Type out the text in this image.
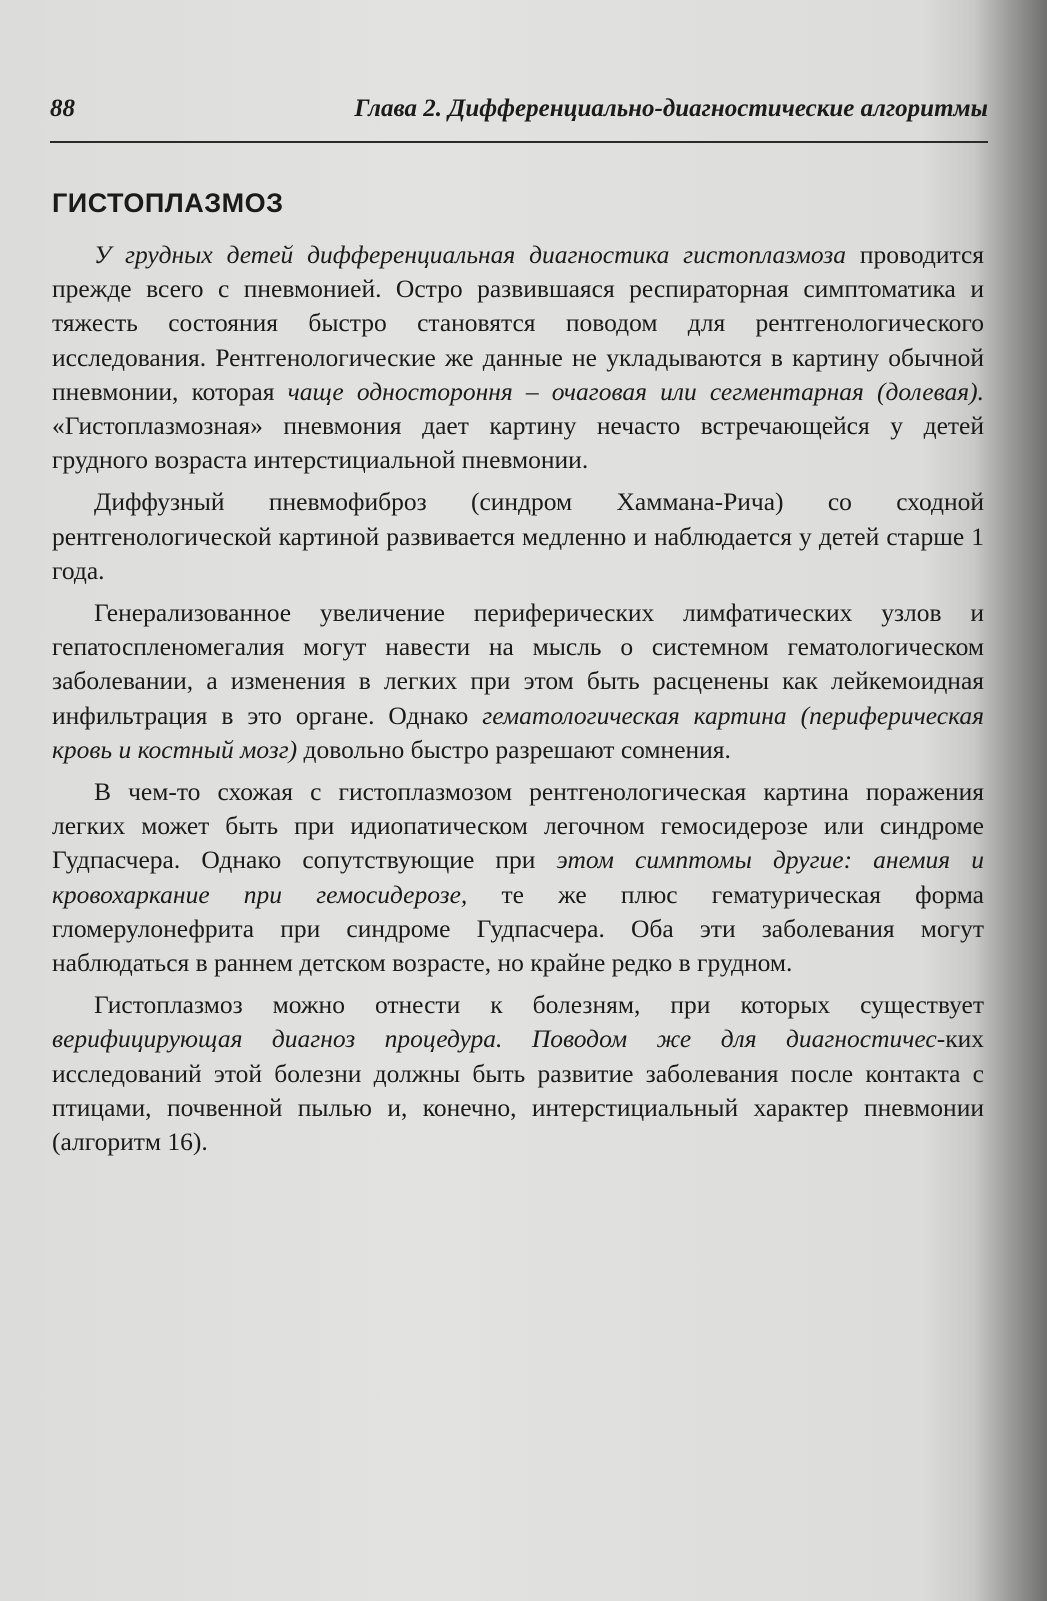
88	Глава 2. Дифференциально-диагностические алгоритмы
ГИСТОПЛАЗМОЗ

У грудных детей дифференциальная диагностика гистоплазмоза проводится прежде всего с пневмонией. Остро развившаяся респираторная симптоматика и тяжесть состояния быстро становятся поводом для рентгенологического исследования. Рентгенологические же данные не укладываются в картину обычной пневмонии, которая чаще одностороння – очаговая или сегментарная (долевая). «Гистоплазмозная» пневмония дает картину нечасто встречающейся у детей грудного возраста интерстициальной пневмонии.

Диффузный пневмофиброз (синдром Хаммана-Рича) со сходной рентгенологической картиной развивается медленно и наблюдается у детей старше 1 года.

Генерализованное увеличение периферических лимфатических узлов и гепатоспленомегалия могут навести на мысль о системном гематологическом заболевании, а изменения в легких при этом быть расценены как лейкемоидная инфильтрация в это органе. Однако гематологическая картина (периферическая кровь и костный мозг) довольно быстро разрешают сомнения.

В чем-то схожая с гистоплазмозом рентгенологическая картина поражения легких может быть при идиопатическом легочном гемосидерозе или синдроме Гудпасчера. Однако сопутствующие при этом симптомы другие: анемия и кровохаркание при гемосидерозе, те же плюс гематурическая форма гломерулонефрита при синдроме Гудпасчера. Оба эти заболевания могут наблюдаться в раннем детском возрасте, но крайне редко в грудном.

Гистоплазмоз можно отнести к болезням, при которых существует верифицирующая диагноз процедура. Поводом же для диагностичес-ких исследований этой болезни должны быть развитие заболевания после контакта с птицами, почвенной пылью и, конечно, интерстициальный характер пневмонии (алгоритм 16).
